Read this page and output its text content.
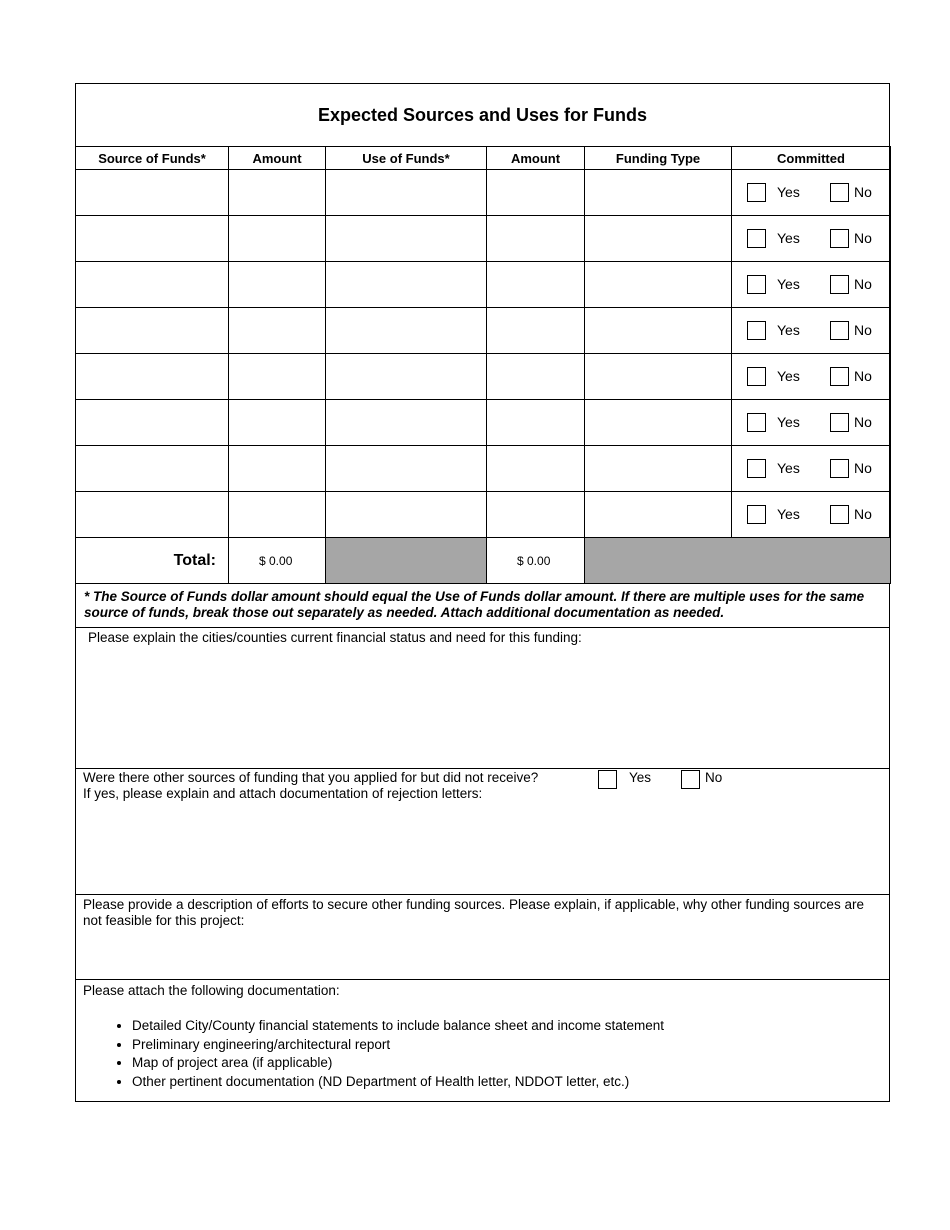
Expected Sources and Uses for Funds
Source of Funds*	Amount	Use of Funds*	Amount	Funding Type	Committed

					Yes No

					Yes No

					Yes No

					Yes No

					Yes No

					Yes No

					Yes No

					Yes No

Total:	$ 0.00		$ 0.00		
* The Source of Funds dollar amount should equal the Use of Funds dollar amount. If there are multiple uses for the same source of funds, break those out separately as needed. Attach additional documentation as needed.
Please explain the cities/counties current financial status and need for this funding:
Were there other sources of funding that you applied for but did not receive?
If yes, please explain and attach documentation of rejection letters:
Yes	No
Please provide a description of efforts to secure other funding sources. Please explain, if applicable, why other funding sources are not feasible for this project:
Please attach the following documentation:
• Detailed City/County financial statements to include balance sheet and income statement
• Preliminary engineering/architectural report
• Map of project area (if applicable)
• Other pertinent documentation (ND Department of Health letter, NDDOT letter, etc.)
